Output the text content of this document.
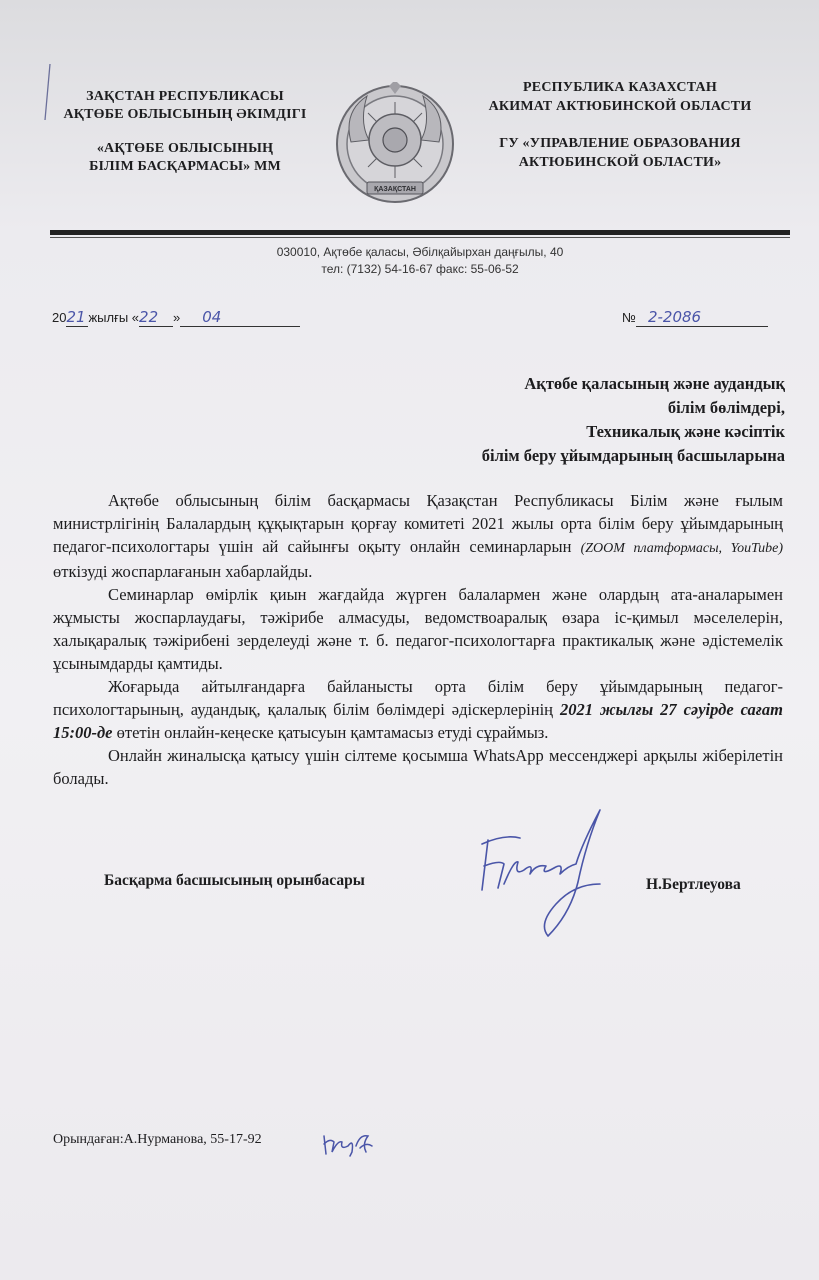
ЗАҚСТАН РЕСПУБЛИКАСЫ
АҚТӨБЕ ОБЛЫСЫНЫҢ ӘКІМДІГІ
«АҚТӨБЕ ОБЛЫСЫНЫҢ
БІЛІМ БАСҚАРМАСЫ» ММ
ҚАЗАҚСТАН
РЕСПУБЛИКА КАЗАХСТАН
АКИМАТ АКТЮБИНСКОЙ ОБЛАСТИ
ГУ «УПРАВЛЕНИЕ ОБРАЗОВАНИЯ
АКТЮБИНСКОЙ ОБЛАСТИ»
030010, Ақтөбе қаласы, Әбілқайырхан даңғылы, 40
тел: (7132) 54-16-67 факс: 55-06-52
2021 жылғы «22 » 04	№ 2-2086
Ақтөбе қаласының және аудандық
білім бөлімдері,
Техникалық және кәсіптік
білім беру ұйымдарының басшыларына

Ақтөбе облысының білім басқармасы Қазақстан Республикасы Білім және ғылым министрлігінің Балалардың құқықтарын қорғау комитеті 2021 жылы орта білім беру ұйымдарының педагог-психологтары үшін ай сайынғы оқыту онлайн семинарларын (ZOOM платформасы, YouTube) өткізуді жоспарлағанын хабарлайды.

Семинарлар өмірлік қиын жағдайда жүрген балалармен және олардың ата-аналарымен жұмысты жоспарлаудағы, тәжірибе алмасуды, ведомствоаралық өзара іс-қимыл мәселелерін, халықаралық тәжірибені зерделеуді және т. б. педагог-психологтарға практикалық және әдістемелік ұсынымдарды қамтиды.

Жоғарыда айтылғандарға байланысты орта білім беру ұйымдарының педагог-психологтарының, аудандық, қалалық білім бөлімдері әдіскерлерінің 2021 жылғы 27 сәуірде сағат 15:00-де өтетін онлайн-кеңеске қатысуын қамтамасыз етуді сұраймыз.

Онлайн жиналысқа қатысу үшін сілтеме қосымша WhatsApp мессенджері арқылы жіберілетін болады.

Басқарма басшысының орынбасары	Н.Бертлеуова
Орындаған:А.Нурманова, 55-17-92
